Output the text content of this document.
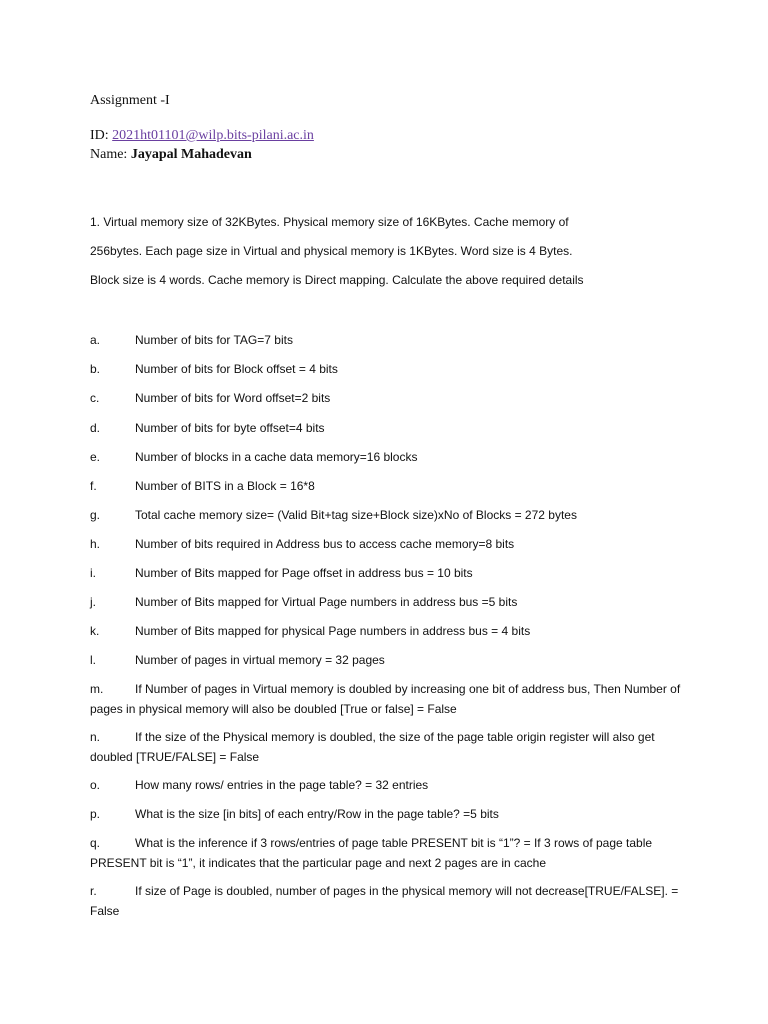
Assignment -I
ID: 2021ht01101@wilp.bits-pilani.ac.in
Name: Jayapal Mahadevan
1. Virtual memory size of 32KBytes. Physical memory size of 16KBytes. Cache memory of
256bytes. Each page size in Virtual and physical memory is 1KBytes. Word size is 4 Bytes.
Block size is 4 words. Cache memory is Direct mapping. Calculate the above required details
a.	Number of bits for TAG=7 bits
b.	Number of bits for Block offset = 4 bits
c.	Number of bits for Word offset=2 bits
d.	Number of bits for byte offset=4 bits
e.	Number of blocks in a cache data memory=16 blocks
f.	Number of BITS in a Block = 16*8
g.	Total cache memory size= (Valid Bit+tag size+Block size)xNo of Blocks = 272 bytes
h.	Number of bits required in Address bus to access cache memory=8 bits
i.	Number of Bits mapped for Page offset in address bus = 10 bits
j.	Number of Bits mapped for Virtual Page numbers in address bus =5 bits
k.	Number of Bits mapped for physical Page numbers in address bus = 4 bits
l.	Number of pages in virtual memory = 32 pages
m.	If Number of pages in Virtual memory is doubled by increasing one bit of address bus, Then Number of pages in physical memory will also be doubled [True or false] = False
n.	If the size of the Physical memory is doubled, the size of the page table origin register will also get doubled [TRUE/FALSE] = False
o.	How many rows/ entries in the page table? = 32 entries
p.	What is the size [in bits] of each entry/Row in the page table? =5 bits
q.	What is the inference if 3 rows/entries of page table PRESENT bit is “1”? = If 3 rows of page table PRESENT bit is “1”, it indicates that the particular page and next 2 pages are in cache
r.	If size of Page is doubled, number of pages in the physical memory will not decrease[TRUE/FALSE]. = False
